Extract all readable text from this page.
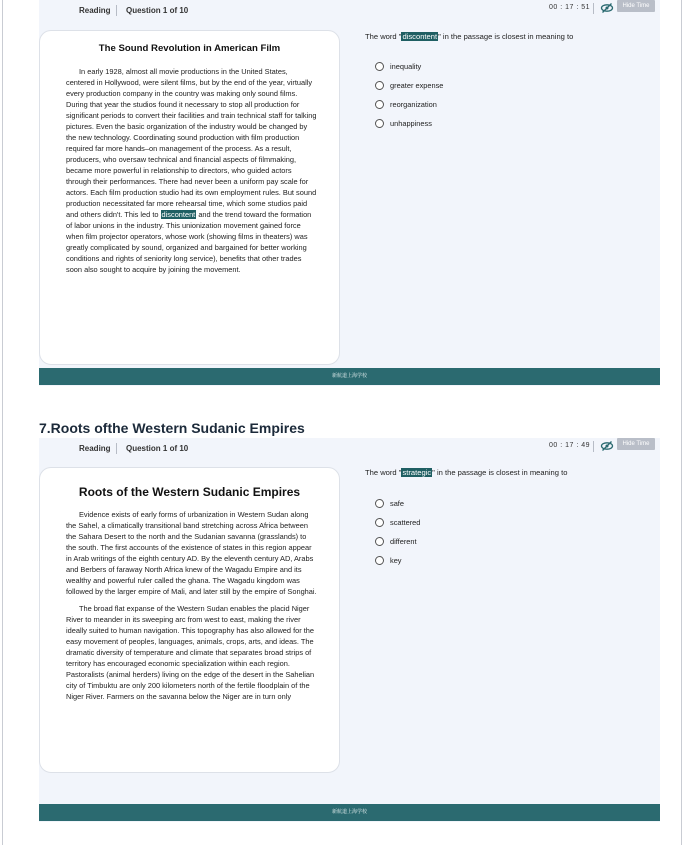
Reading Question 1 of 10	00 : 17 : 51	Hide Time
The Sound Revolution in American Film

In early 1928, almost all movie productions in the United States, centered in Hollywood, were silent films, but by the end of the year, virtually every production company in the country was making only sound films. During that year the studios found it necessary to stop all production for significant periods to convert their facilities and train technical staff for talking pictures. Even the basic organization of the industry would be changed by the new technology. Coordinating sound production with film production required far more hands–on management of the process. As a result, producers, who oversaw technical and financial aspects of filmmaking, became more powerful in relationship to directors, who guided actors through their performances. There had never been a uniform pay scale for actors. Each film production studio had its own employment rules. But sound production necessitated far more rehearsal time, which some studios paid and others didn't. This led to discontent and the trend toward the formation of labor unions in the industry. This unionization movement gained force when film projector operators, whose work (showing films in theaters) was greatly complicated by sound, organized and bargained for better working conditions and rights of seniority long service), benefits that other trades soon also sought to acquire by joining the movement.

The word "discontent" in the passage is closest in meaning to
inequality
greater expense
reorganization
unhappiness
新航道上海学校
7.Roots ofthe Western Sudanic Empires
Reading Question 1 of 10	00 : 17 : 49	Hide Time
Roots of the Western Sudanic Empires

Evidence exists of early forms of urbanization in Western Sudan along the Sahel, a climatically transitional band stretching across Africa between the Sahara Desert to the north and the Sudanian savanna (grasslands) to the south. The first accounts of the existence of states in this region appear in Arab writings of the eighth century AD. By the eleventh century AD, Arabs and Berbers of faraway North Africa knew of the Wagadu Empire and its wealthy and powerful ruler called the ghana. The Wagadu kingdom was followed by the larger empire of Mali, and later still by the empire of Songhai.

The broad flat expanse of the Western Sudan enables the placid Niger River to meander in its sweeping arc from west to east, making the river ideally suited to human navigation. This topography has also allowed for the easy movement of peoples, languages, animals, crops, arts, and ideas. The dramatic diversity of temperature and climate that separates broad strips of territory has encouraged economic specialization within each region. Pastoralists (animal herders) living on the edge of the desert in the Sahelian city of Timbuktu are only 200 kilometers north of the fertile floodplain of the Niger River. Farmers on the savanna below the Niger are in turn only

The word "strategic" in the passage is closest in meaning to
safe
scattered
different
key
新航道上海学校
